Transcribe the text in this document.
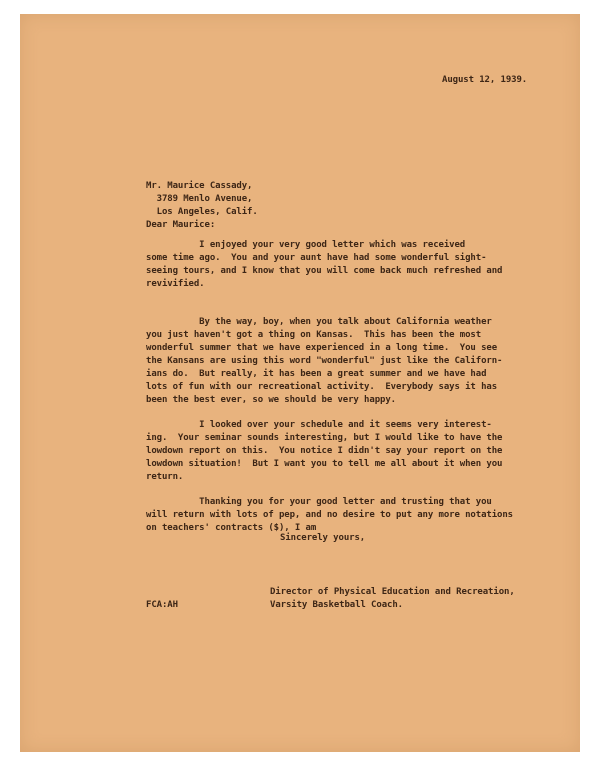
August 12, 1939.
Mr. Maurice Cassady,
3789 Menlo Avenue,
Los Angeles, Calif.
Dear Maurice:
I enjoyed your very good letter which was received
some time ago.  You and your aunt have had some wonderful sight-
seeing tours, and I know that you will come back much refreshed and
revivified.
By the way, boy, when you talk about California weather
you just haven't got a thing on Kansas.  This has been the most
wonderful summer that we have experienced in a long time.  You see
the Kansans are using this word "wonderful" just like the Californ-
ians do.  But really, it has been a great summer and we have had
lots of fun with our recreational activity.  Everybody says it has
been the best ever, so we should be very happy.
I looked over your schedule and it seems very interest-
ing.  Your seminar sounds interesting, but I would like to have the
lowdown report on this.  You notice I didn't say your report on the
lowdown situation!  But I want you to tell me all about it when you
return.
Thanking you for your good letter and trusting that you
will return with lots of pep, and no desire to put any more notations
on teachers' contracts ($), I am
Sincerely yours,
Director of Physical Education and Recreation,
Varsity Basketball Coach.
FCA:AH
